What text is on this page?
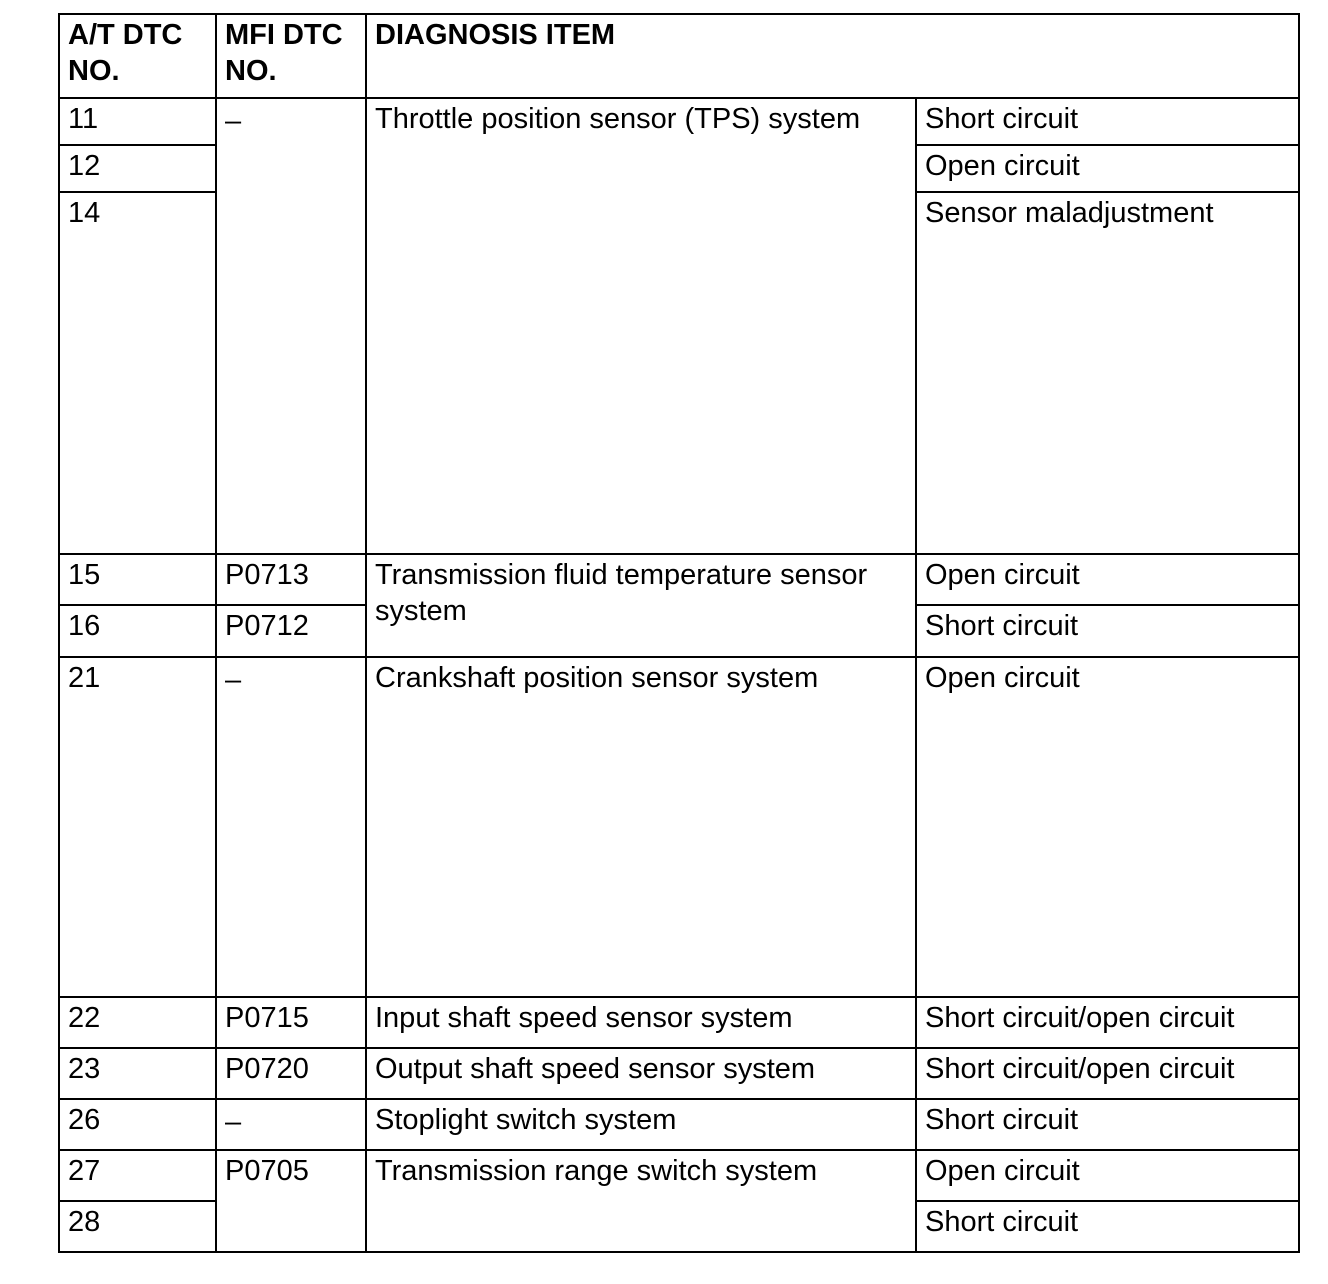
A/T DTC NO.	MFI DTC NO.	DIAGNOSIS ITEM	
11	–	Throttle position sensor (TPS) system	Short circuit
12			Open circuit
14			Sensor maladjustment
15	P0713	Transmission fluid temperature sensor system	Open circuit
16	P0712		Short circuit
21	–	Crankshaft position sensor system	Open circuit
22	P0715	Input shaft speed sensor system	Short circuit/open circuit
23	P0720	Output shaft speed sensor system	Short circuit/open circuit
26	–	Stoplight switch system	Short circuit
27	P0705	Transmission range switch system	Open circuit
28			Short circuit
